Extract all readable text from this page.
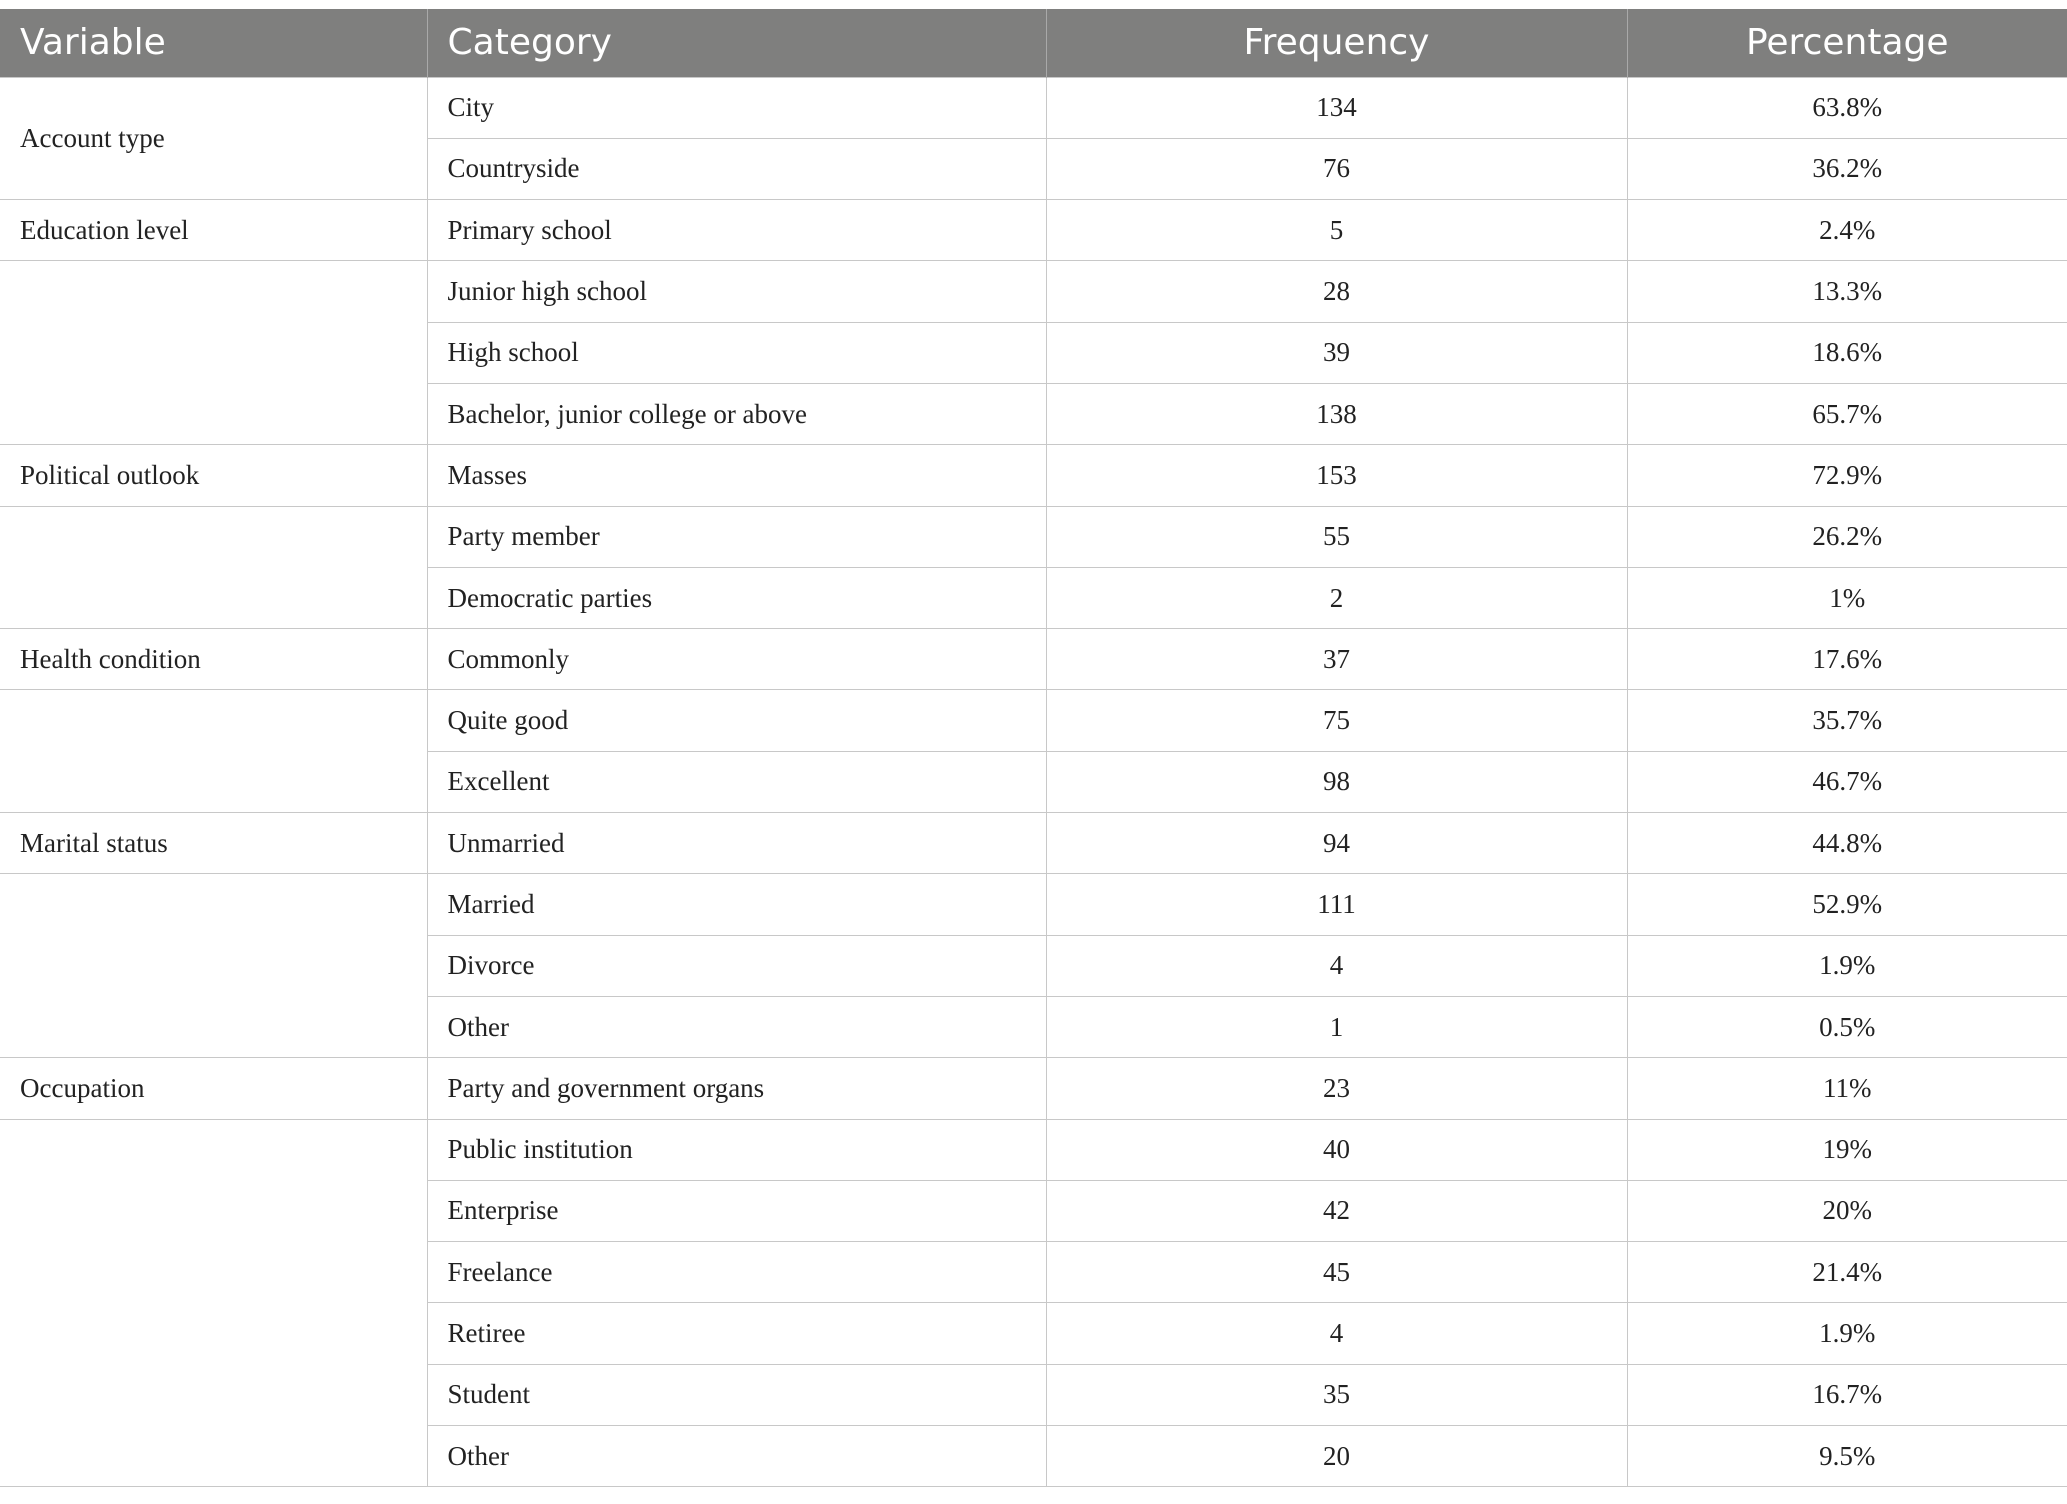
Variable	Category	Frequency	Percentage
Account type	City	134	63.8%
	Countryside	76	36.2%
Education level	Primary school	5	2.4%
	Junior high school	28	13.3%
	High school	39	18.6%
	Bachelor, junior college or above	138	65.7%
Political outlook	Masses	153	72.9%
	Party member	55	26.2%
	Democratic parties	2	1%
Health condition	Commonly	37	17.6%
	Quite good	75	35.7%
	Excellent	98	46.7%
Marital status	Unmarried	94	44.8%
	Married	111	52.9%
	Divorce	4	1.9%
	Other	1	0.5%
Occupation	Party and government organs	23	11%
	Public institution	40	19%
	Enterprise	42	20%
	Freelance	45	21.4%
	Retiree	4	1.9%
	Student	35	16.7%
	Other	20	9.5%
